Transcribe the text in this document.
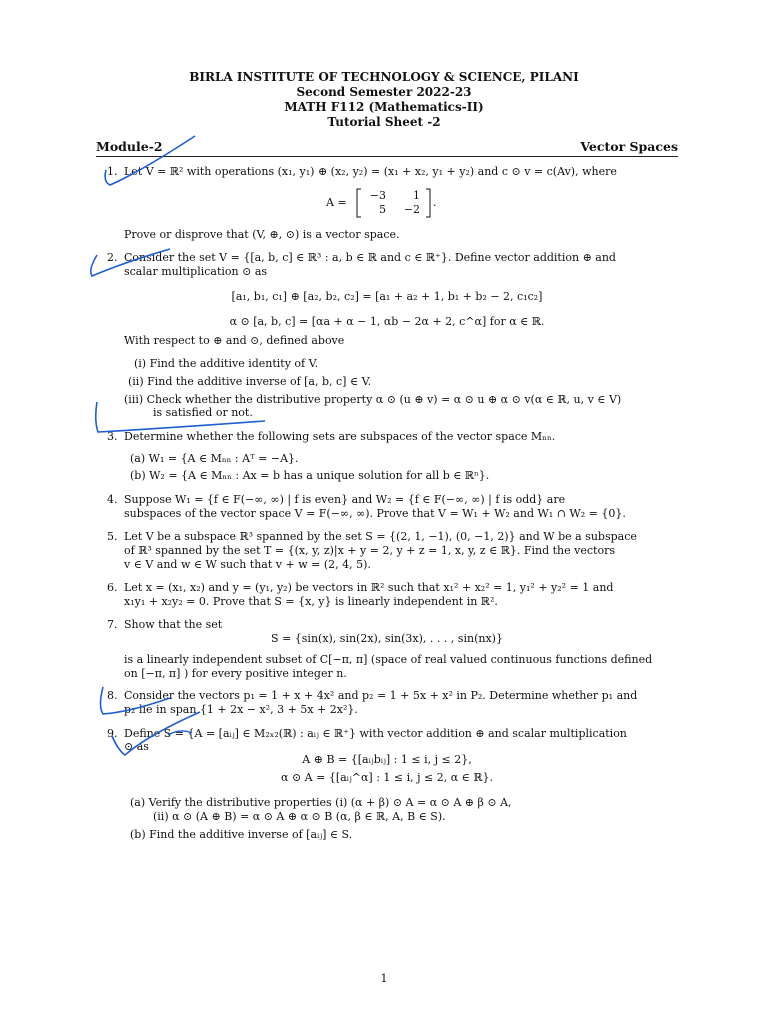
BIRLA INSTITUTE OF TECHNOLOGY & SCIENCE, PILANI
Second Semester 2022-23
MATH F112 (Mathematics-II)
Tutorial Sheet -2
Module-2	Vector Spaces
1. Let V = ℝ² with operations (x₁, y₁) ⊕ (x₂, y₂) = (x₁ + x₂, y₁ + y₂) and c ⊙ v = c(Av), where
A =
−3	1
5	−2
.
Prove or disprove that (V, ⊕, ⊙) is a vector space.
2. Consider the set V = {[a, b, c] ∈ ℝ³ : a, b ∈ ℝ and c ∈ ℝ⁺}. Define vector addition ⊕ and
scalar multiplication ⊙ as
[a₁, b₁, c₁] ⊕ [a₂, b₂, c₂] = [a₁ + a₂ + 1, b₁ + b₂ − 2, c₁c₂]
α ⊙ [a, b, c] = [αa + α − 1, αb − 2α + 2, c^α] for α ∈ ℝ.
With respect to ⊕ and ⊙, defined above
(i) Find the additive identity of V.
(ii) Find the additive inverse of [a, b, c] ∈ V.
(iii) Check whether the distributive property α ⊙ (u ⊕ v) = α ⊙ u ⊕ α ⊙ v(α ∈ ℝ, u, v ∈ V)
is satisfied or not.
3. Determine whether the following sets are subspaces of the vector space Mₙₙ.
(a) W₁ = {A ∈ Mₙₙ : Aᵀ = −A}.
(b) W₂ = {A ∈ Mₙₙ : Ax = b has a unique solution for all b ∈ ℝⁿ}.
4. Suppose W₁ = {f ∈ F(−∞, ∞) | f is even} and W₂ = {f ∈ F(−∞, ∞) | f is odd} are
subspaces of the vector space V = F(−∞, ∞). Prove that V = W₁ + W₂ and W₁ ∩ W₂ = {0}.
5. Let V be a subspace ℝ³ spanned by the set S = {(2, 1, −1), (0, −1, 2)} and W be a subspace
of ℝ³ spanned by the set T = {(x, y, z)|x + y = 2, y + z = 1, x, y, z ∈ ℝ}. Find the vectors
v ∈ V and w ∈ W such that v + w = (2, 4, 5).
6. Let x = (x₁, x₂) and y = (y₁, y₂) be vectors in ℝ² such that x₁² + x₂² = 1, y₁² + y₂² = 1 and
x₁y₁ + x₂y₂ = 0. Prove that S = {x, y} is linearly independent in ℝ².
7. Show that the set
S = {sin(x), sin(2x), sin(3x), . . . , sin(nx)}
is a linearly independent subset of C[−π, π] (space of real valued continuous functions defined
on [−π, π] ) for every positive integer n.
8. Consider the vectors p₁ = 1 + x + 4x² and p₂ = 1 + 5x + x² in P₂. Determine whether p₁ and
p₂ lie in span {1 + 2x − x², 3 + 5x + 2x²}.
9. Define S = {A = [aᵢⱼ] ∈ M₂ₓ₂(ℝ) : aᵢⱼ ∈ ℝ⁺} with vector addition ⊕ and scalar multiplication
⊙ as
A ⊕ B = {[aᵢⱼbᵢⱼ] : 1 ≤ i, j ≤ 2},
α ⊙ A = {[aᵢⱼ^α] : 1 ≤ i, j ≤ 2, α ∈ ℝ}.
(a) Verify the distributive properties (i) (α + β) ⊙ A = α ⊙ A ⊕ β ⊙ A,
(ii) α ⊙ (A ⊕ B) = α ⊙ A ⊕ α ⊙ B (α, β ∈ ℝ, A, B ∈ S).
(b) Find the additive inverse of [aᵢⱼ] ∈ S.
1
